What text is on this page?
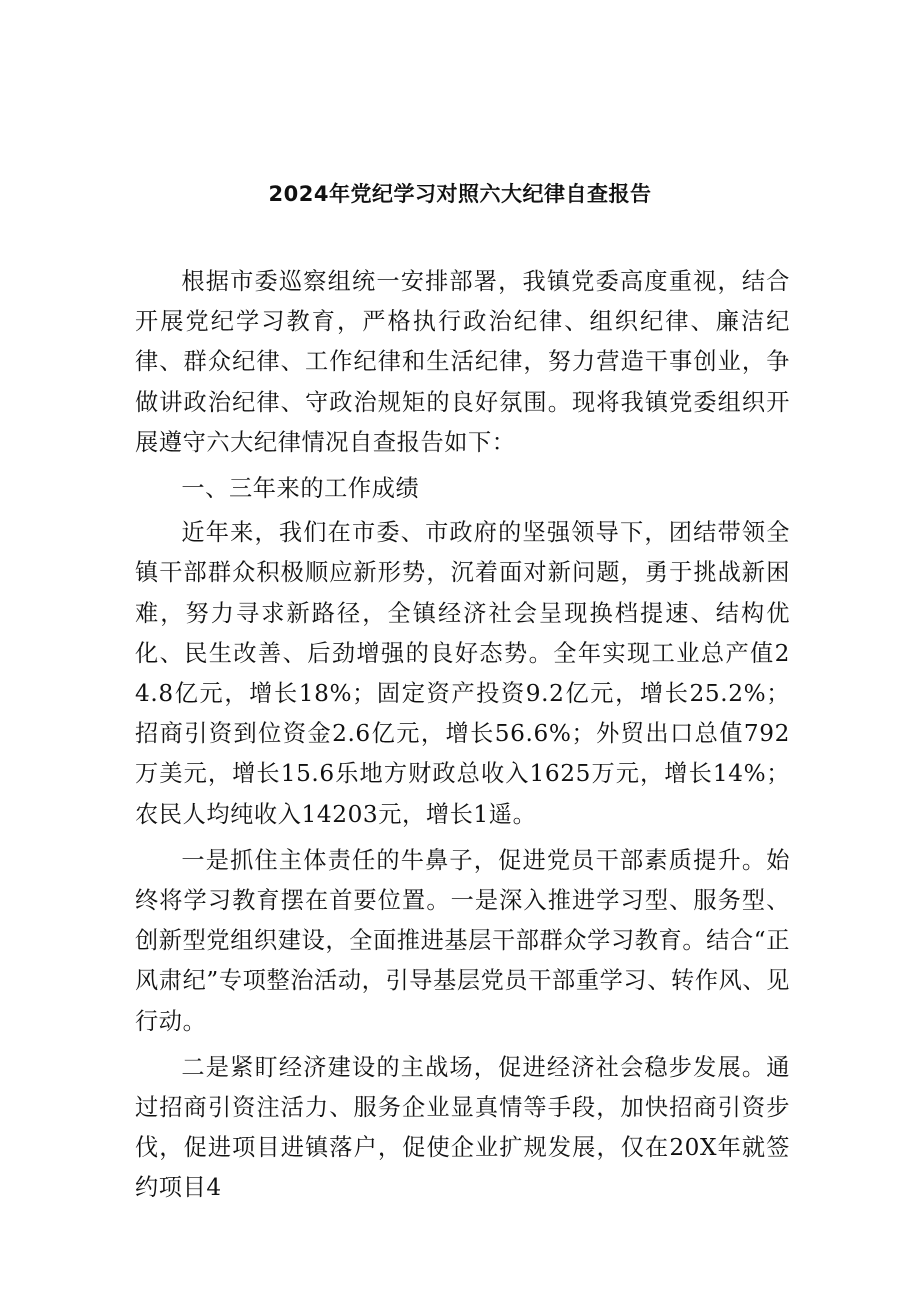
2024年党纪学习对照六大纪律自查报告

根据市委巡察组统一安排部署，我镇党委高度重视，结合开展党纪学习教育，严格执行政治纪律、组织纪律、廉洁纪律、群众纪律、工作纪律和生活纪律，努力营造干事创业，争做讲政治纪律、守政治规矩的良好氛围。现将我镇党委组织开展遵守六大纪律情况自查报告如下：

一、三年来的工作成绩

近年来，我们在市委、市政府的坚强领导下，团结带领全镇干部群众积极顺应新形势，沉着面对新问题，勇于挑战新困难，努力寻求新路径，全镇经济社会呈现换档提速、结构优化、民生改善、后劲增强的良好态势。全年实现工业总产值24.8亿元，增长18%；固定资产投资9.2亿元，增长25.2%；招商引资到位资金2.6亿元，增长56.6%；外贸出口总值792万美元，增长15.6乐地方财政总收入1625万元，增长14%；农民人均纯收入14203元，增长1遥。

一是抓住主体责任的牛鼻子，促进党员干部素质提升。始终将学习教育摆在首要位置。一是深入推进学习型、服务型、创新型党组织建设，全面推进基层干部群众学习教育。结合“正风肃纪”专项整治活动，引导基层党员干部重学习、转作风、见行动。

二是紧盯经济建设的主战场，促进经济社会稳步发展。通过招商引资注活力、服务企业显真情等手段，加快招商引资步伐，促进项目进镇落户，促使企业扩规发展，仅在20X年就签约项目4
